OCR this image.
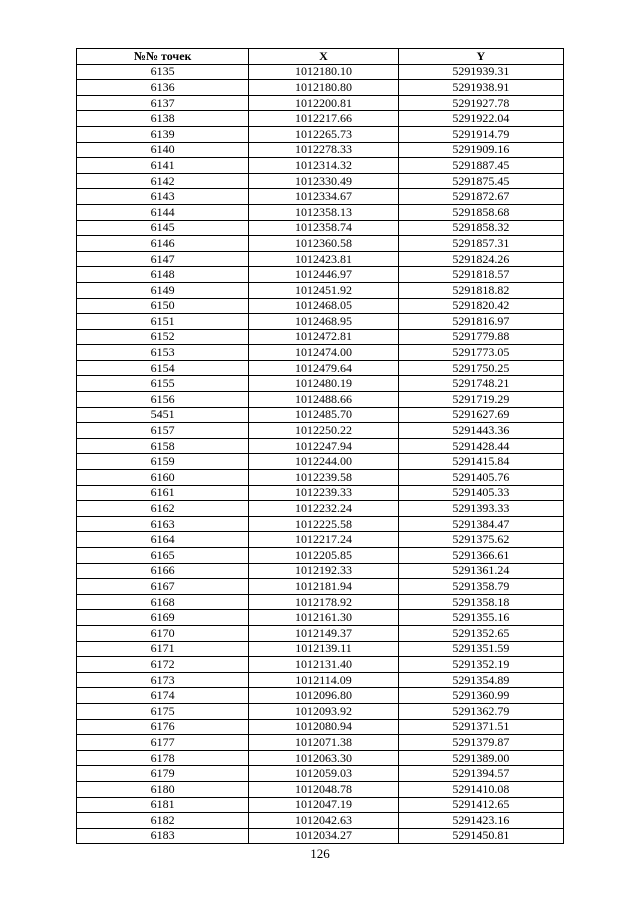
№№ точек	X	Y
6135	1012180.10	5291939.31
6136	1012180.80	5291938.91
6137	1012200.81	5291927.78
6138	1012217.66	5291922.04
6139	1012265.73	5291914.79
6140	1012278.33	5291909.16
6141	1012314.32	5291887.45
6142	1012330.49	5291875.45
6143	1012334.67	5291872.67
6144	1012358.13	5291858.68
6145	1012358.74	5291858.32
6146	1012360.58	5291857.31
6147	1012423.81	5291824.26
6148	1012446.97	5291818.57
6149	1012451.92	5291818.82
6150	1012468.05	5291820.42
6151	1012468.95	5291816.97
6152	1012472.81	5291779.88
6153	1012474.00	5291773.05
6154	1012479.64	5291750.25
6155	1012480.19	5291748.21
6156	1012488.66	5291719.29
5451	1012485.70	5291627.69
6157	1012250.22	5291443.36
6158	1012247.94	5291428.44
6159	1012244.00	5291415.84
6160	1012239.58	5291405.76
6161	1012239.33	5291405.33
6162	1012232.24	5291393.33
6163	1012225.58	5291384.47
6164	1012217.24	5291375.62
6165	1012205.85	5291366.61
6166	1012192.33	5291361.24
6167	1012181.94	5291358.79
6168	1012178.92	5291358.18
6169	1012161.30	5291355.16
6170	1012149.37	5291352.65
6171	1012139.11	5291351.59
6172	1012131.40	5291352.19
6173	1012114.09	5291354.89
6174	1012096.80	5291360.99
6175	1012093.92	5291362.79
6176	1012080.94	5291371.51
6177	1012071.38	5291379.87
6178	1012063.30	5291389.00
6179	1012059.03	5291394.57
6180	1012048.78	5291410.08
6181	1012047.19	5291412.65
6182	1012042.63	5291423.16
6183	1012034.27	5291450.81
126
